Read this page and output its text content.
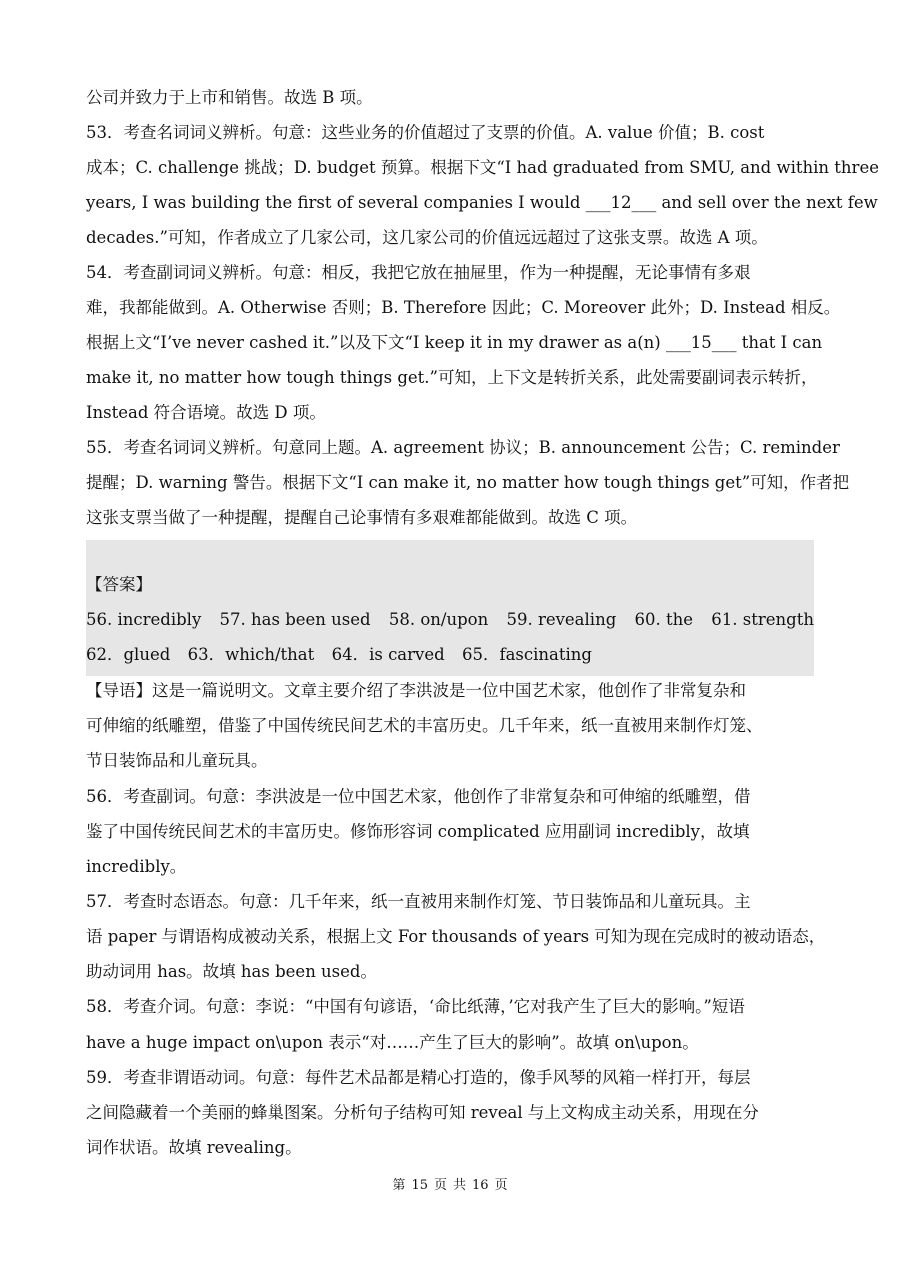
公司并致力于上市和销售。故选 B 项。
53．考查名词词义辨析。句意：这些业务的价值超过了支票的价值。A. value 价值；B. cost
成本；C. challenge 挑战；D. budget 预算。根据下文“I had graduated from SMU, and within three
years, I was building the first of several companies I would ___12___ and sell over the next few
decades.”可知，作者成立了几家公司，这几家公司的价值远远超过了这张支票。故选 A 项。
54．考查副词词义辨析。句意：相反，我把它放在抽屉里，作为一种提醒，无论事情有多艰
难，我都能做到。A. Otherwise 否则；B. Therefore 因此；C. Moreover 此外；D. Instead 相反。
根据上文“I’ve never cashed it.”以及下文“I keep it in my drawer as a(n) ___15___ that I can
make it, no matter how tough things get.”可知，上下文是转折关系，此处需要副词表示转折，
Instead 符合语境。故选 D 项。
55．考查名词词义辨析。句意同上题。A. agreement 协议；B. announcement 公告；C. reminder
提醒；D. warning 警告。根据下文“I can make it, no matter how tough things get”可知，作者把
这张支票当做了一种提醒，提醒自己论事情有多艰难都能做到。故选 C 项。
【答案】
56. incredibly 57. has been used 58. on/upon 59. revealing 60. the 61. strength
62．glued 63．which/that 64．is carved 65．fascinating
【导语】这是一篇说明文。文章主要介绍了李洪波是一位中国艺术家，他创作了非常复杂和
可伸缩的纸雕塑，借鉴了中国传统民间艺术的丰富历史。几千年来，纸一直被用来制作灯笼、
节日装饰品和儿童玩具。
56．考查副词。句意：李洪波是一位中国艺术家，他创作了非常复杂和可伸缩的纸雕塑，借
鉴了中国传统民间艺术的丰富历史。修饰形容词 complicated 应用副词 incredibly，故填
incredibly。
57．考查时态语态。句意：几千年来，纸一直被用来制作灯笼、节日装饰品和儿童玩具。主
语 paper 与谓语构成被动关系，根据上文 For thousands of years 可知为现在完成时的被动语态，
助动词用 has。故填 has been used。
58．考查介词。句意：李说：“中国有句谚语，‘命比纸薄，’它对我产生了巨大的影响。”短语
have a huge impact on\upon 表示“对……产生了巨大的影响”。故填 on\upon。
59．考查非谓语动词。句意：每件艺术品都是精心打造的，像手风琴的风箱一样打开，每层
之间隐藏着一个美丽的蜂巢图案。分析句子结构可知 reveal 与上文构成主动关系，用现在分
词作状语。故填 revealing。
第 15 页 共 16 页
